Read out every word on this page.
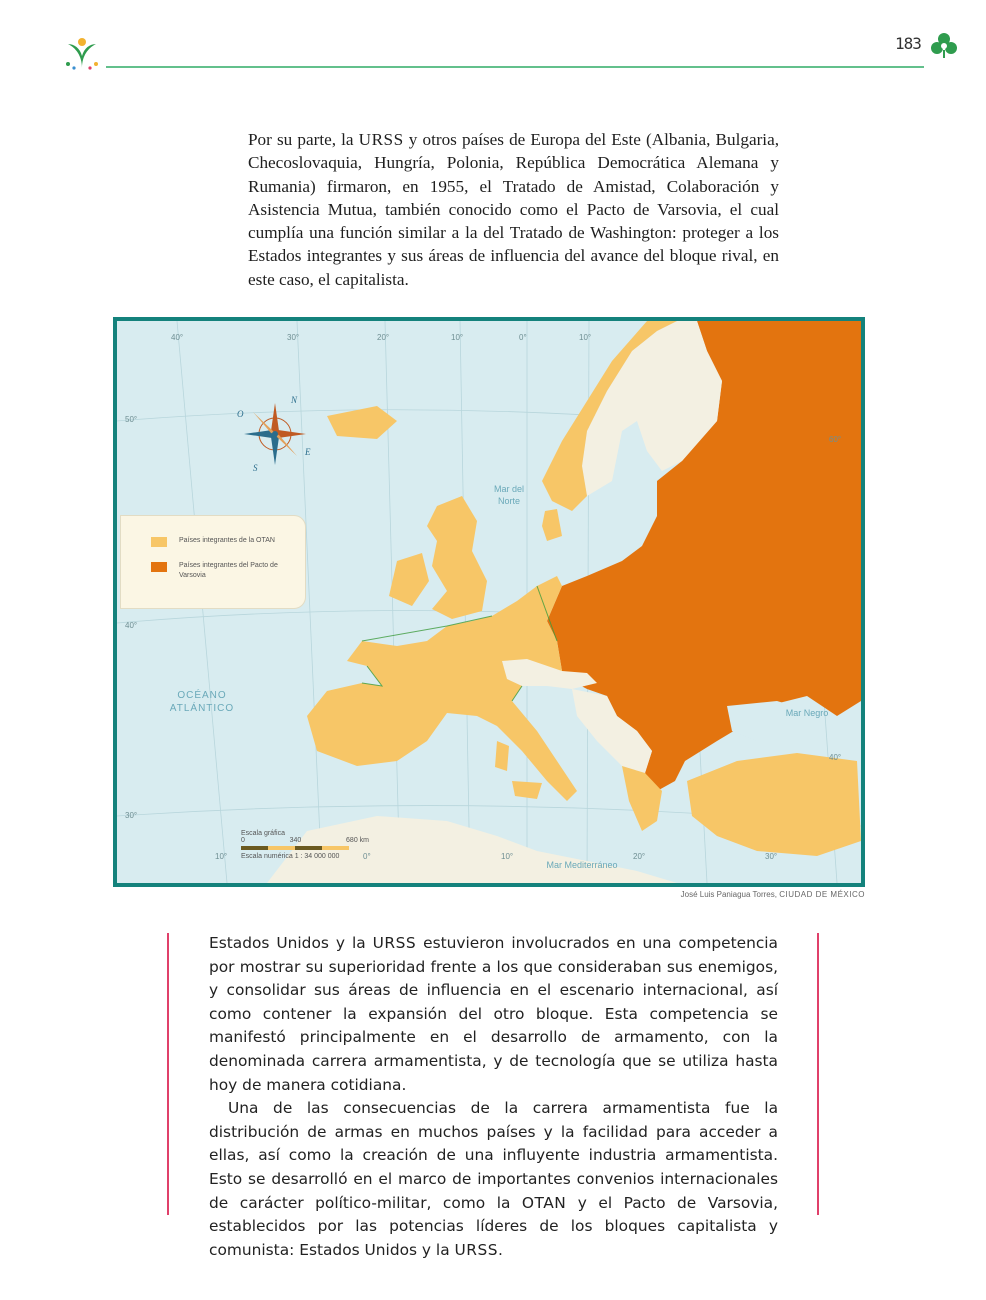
183

Por su parte, la URSS y otros países de Europa del Este (Albania, Bulgaria, Checoslovaquia, Hungría, Polonia, República Democrática Alemana y Rumania) firmaron, en 1955, el Tratado de Amistad, Colaboración y Asistencia Mutua, también conocido como el Pacto de Varsovia, el cual cumplía una función similar a la del Tratado de Washington: proteger a los Estados integrantes y sus áreas de influencia del avance del bloque rival, en este caso, el capitalista.

Países integrantes de la OTAN
Países integrantes del Pacto de Varsovia
40°	30°	20°	10°	0°	10°
50°
40°
30°
60°
40°
10°	0°	10°	20°	30°
Mar del Norte
OCÉANO
ATLÁNTICO	Mar Negro
Mar Mediterráneo
N
O
E
S
Escala gráfica
0	340	680 km
Escala numérica 1 : 34 000 000
José Luis Paniagua Torres, CIUDAD DE MÉXICO

Estados Unidos y la URSS estuvieron involucrados en una competencia por mostrar su superioridad frente a los que consideraban sus enemigos, y consolidar sus áreas de influencia en el escenario internacional, así como contener la expansión del otro bloque. Esta competencia se manifestó principalmente en el desarrollo de armamento, con la denominada carrera armamentista, y de tecnología que se utiliza hasta hoy de manera cotidiana.

Una de las consecuencias de la carrera armamentista fue la distribución de armas en muchos países y la facilidad para acceder a ellas, así como la creación de una influyente industria armamentista. Esto se desarrolló en el marco de importantes convenios internacionales de carácter político-militar, como la OTAN y el Pacto de Varsovia, establecidos por las potencias líderes de los bloques capitalista y comunista: Estados Unidos y la URSS.
